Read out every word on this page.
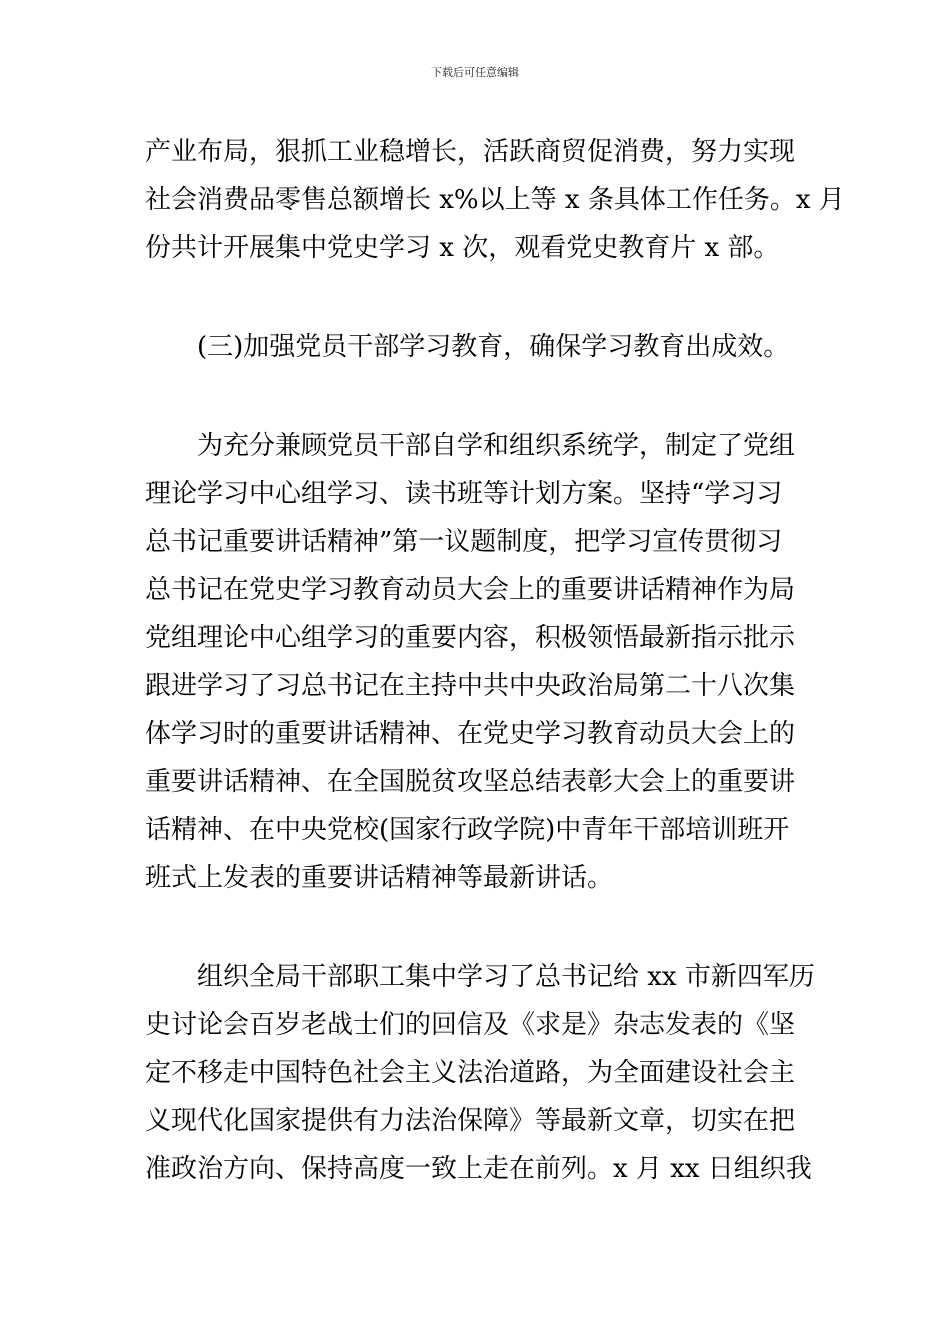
下载后可任意编辑
产业布局，狠抓工业稳增长，活跃商贸促消费，努力实现
社会消费品零售总额增长 x%以上等 x 条具体工作任务。x 月
份共计开展集中党史学习 x 次，观看党史教育片 x 部。
(三)加强党员干部学习教育，确保学习教育出成效。
为充分兼顾党员干部自学和组织系统学，制定了党组
理论学习中心组学习、读书班等计划方案。坚持“学习习
总书记重要讲话精神”第一议题制度，把学习宣传贯彻习
总书记在党史学习教育动员大会上的重要讲话精神作为局
党组理论中心组学习的重要内容，积极领悟最新指示批示
跟进学习了习总书记在主持中共中央政治局第二十八次集
体学习时的重要讲话精神、在党史学习教育动员大会上的
重要讲话精神、在全国脱贫攻坚总结表彰大会上的重要讲
话精神、在中央党校(国家行政学院)中青年干部培训班开
班式上发表的重要讲话精神等最新讲话。
组织全局干部职工集中学习了总书记给 xx 市新四军历
史讨论会百岁老战士们的回信及《求是》杂志发表的《坚
定不移走中国特色社会主义法治道路，为全面建设社会主
义现代化国家提供有力法治保障》等最新文章，切实在把
准政治方向、保持高度一致上走在前列。x 月 xx 日组织我
